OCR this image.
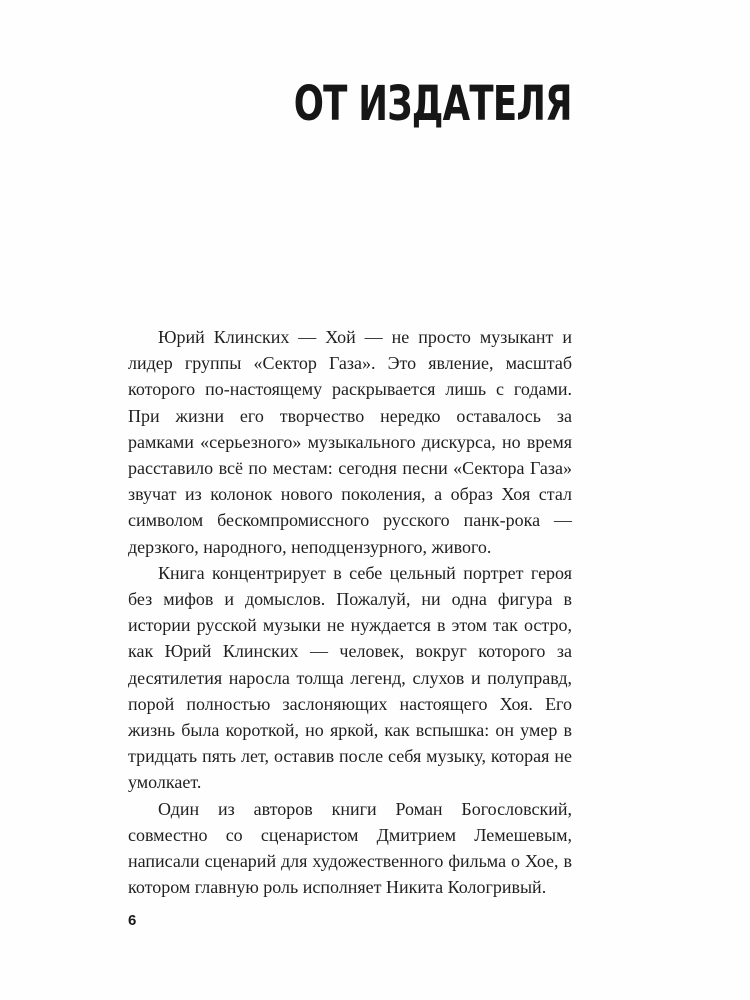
ОТ ИЗДАТЕЛЯ

Юрий Клинских — Хой — не просто музыкант и лидер группы «Сектор Газа». Это явление, масштаб которого по-настоящему раскрывается лишь с годами. При жизни его творчество нередко оставалось за рамками «серьезного» музыкального дискурса, но время расставило всё по местам: сегодня песни «Сектора Газа» звучат из колонок нового поколения, а образ Хоя стал символом бескомпромиссного русского панк-рока — дерзкого, народного, неподцензурного, живого.

Книга концентрирует в себе цельный портрет героя без мифов и домыслов. Пожалуй, ни одна фигура в истории русской музыки не нуждается в этом так остро, как Юрий Клинских — человек, вокруг которого за десятилетия наросла толща легенд, слухов и полуправд, порой полностью заслоняющих настоящего Хоя. Его жизнь была короткой, но яркой, как вспышка: он умер в тридцать пять лет, оставив после себя музыку, которая не умолкает.

Один из авторов книги Роман Богословский, совместно со сценаристом Дмитрием Лемешевым, написали сценарий для художественного фильма о Хое, в котором главную роль исполняет Никита Кологривый.

6
